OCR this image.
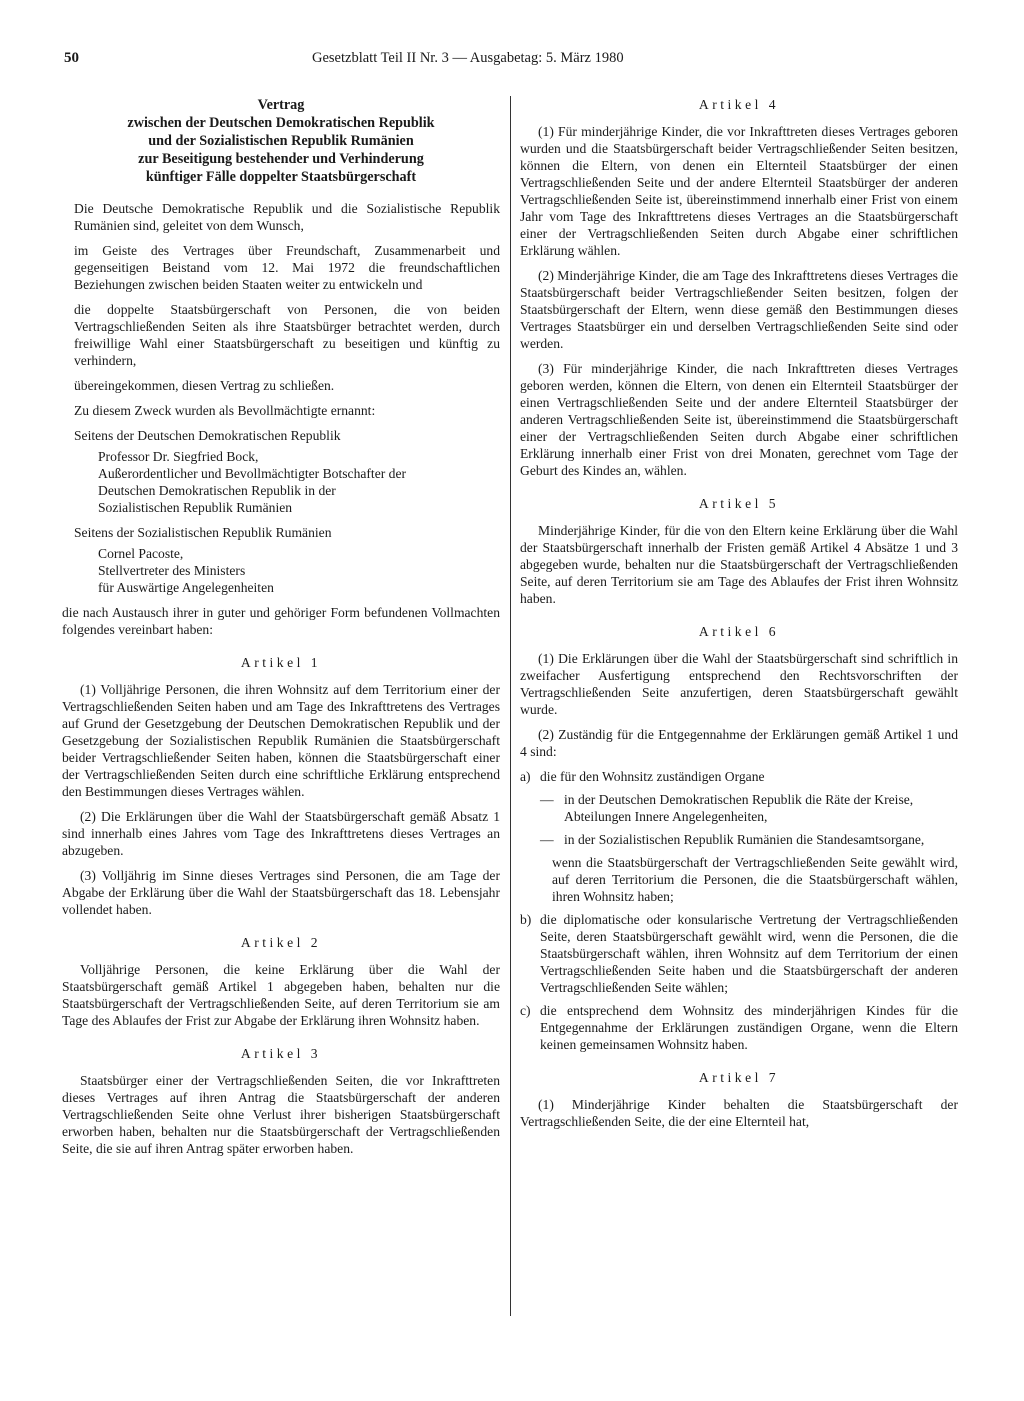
50	Gesetzblatt Teil II Nr. 3 — Ausgabetag: 5. März 1980
Vertrag
zwischen der Deutschen Demokratischen Republik
und der Sozialistischen Republik Rumänien
zur Beseitigung bestehender und Verhinderung
künftiger Fälle doppelter Staatsbürgerschaft

Die Deutsche Demokratische Republik und die Sozialistische Republik Rumänien sind, geleitet von dem Wunsch,

im Geiste des Vertrages über Freundschaft, Zusammenarbeit und gegenseitigen Beistand vom 12. Mai 1972 die freundschaftlichen Beziehungen zwischen beiden Staaten weiter zu entwickeln und

die doppelte Staatsbürgerschaft von Personen, die von beiden Vertragschließenden Seiten als ihre Staatsbürger betrachtet werden, durch freiwillige Wahl einer Staatsbürgerschaft zu beseitigen und künftig zu verhindern,

übereingekommen, diesen Vertrag zu schließen.

Zu diesem Zweck wurden als Bevollmächtigte ernannt:

Seitens der Deutschen Demokratischen Republik

Professor Dr. Siegfried Bock,
Außerordentlicher und Bevollmächtigter Botschafter der
Deutschen Demokratischen Republik in der
Sozialistischen Republik Rumänien

Seitens der Sozialistischen Republik Rumänien

Cornel Pacoste,
Stellvertreter des Ministers
für Auswärtige Angelegenheiten

die nach Austausch ihrer in guter und gehöriger Form befundenen Vollmachten folgendes vereinbart haben:

Artikel 1

(1) Volljährige Personen, die ihren Wohnsitz auf dem Territorium einer der Vertragschließenden Seiten haben und am Tage des Inkrafttretens des Vertrages auf Grund der Gesetzgebung der Deutschen Demokratischen Republik und der Gesetzgebung der Sozialistischen Republik Rumänien die Staatsbürgerschaft beider Vertragschließender Seiten haben, können die Staatsbürgerschaft einer der Vertragschließenden Seiten durch eine schriftliche Erklärung entsprechend den Bestimmungen dieses Vertrages wählen.

(2) Die Erklärungen über die Wahl der Staatsbürgerschaft gemäß Absatz 1 sind innerhalb eines Jahres vom Tage des Inkrafttretens dieses Vertrages an abzugeben.

(3) Volljährig im Sinne dieses Vertrages sind Personen, die am Tage der Abgabe der Erklärung über die Wahl der Staatsbürgerschaft das 18. Lebensjahr vollendet haben.

Artikel 2

Volljährige Personen, die keine Erklärung über die Wahl der Staatsbürgerschaft gemäß Artikel 1 abgegeben haben, behalten nur die Staatsbürgerschaft der Vertragschließenden Seite, auf deren Territorium sie am Tage des Ablaufes der Frist zur Abgabe der Erklärung ihren Wohnsitz haben.

Artikel 3

Staatsbürger einer der Vertragschließenden Seiten, die vor Inkrafttreten dieses Vertrages auf ihren Antrag die Staatsbürgerschaft der anderen Vertragschließenden Seite ohne Verlust ihrer bisherigen Staatsbürgerschaft erworben haben, behalten nur die Staatsbürgerschaft der Vertragschließenden Seite, die sie auf ihren Antrag später erworben haben.

Artikel 4

(1) Für minderjährige Kinder, die vor Inkrafttreten dieses Vertrages geboren wurden und die Staatsbürgerschaft beider Vertragschließender Seiten besitzen, können die Eltern, von denen ein Elternteil Staatsbürger der einen Vertragschließenden Seite und der andere Elternteil Staatsbürger der anderen Vertragschließenden Seite ist, übereinstimmend innerhalb einer Frist von einem Jahr vom Tage des Inkrafttretens dieses Vertrages an die Staatsbürgerschaft einer der Vertragschließenden Seiten durch Abgabe einer schriftlichen Erklärung wählen.

(2) Minderjährige Kinder, die am Tage des Inkrafttretens dieses Vertrages die Staatsbürgerschaft beider Vertragschließender Seiten besitzen, folgen der Staatsbürgerschaft der Eltern, wenn diese gemäß den Bestimmungen dieses Vertrages Staatsbürger ein und derselben Vertragschließenden Seite sind oder werden.

(3) Für minderjährige Kinder, die nach Inkrafttreten dieses Vertrages geboren werden, können die Eltern, von denen ein Elternteil Staatsbürger der einen Vertragschließenden Seite und der andere Elternteil Staatsbürger der anderen Vertragschließenden Seite ist, übereinstimmend die Staatsbürgerschaft einer der Vertragschließenden Seiten durch Abgabe einer schriftlichen Erklärung innerhalb einer Frist von drei Monaten, gerechnet vom Tage der Geburt des Kindes an, wählen.

Artikel 5

Minderjährige Kinder, für die von den Eltern keine Erklärung über die Wahl der Staatsbürgerschaft innerhalb der Fristen gemäß Artikel 4 Absätze 1 und 3 abgegeben wurde, behalten nur die Staatsbürgerschaft der Vertragschließenden Seite, auf deren Territorium sie am Tage des Ablaufes der Frist ihren Wohnsitz haben.

Artikel 6

(1) Die Erklärungen über die Wahl der Staatsbürgerschaft sind schriftlich in zweifacher Ausfertigung entsprechend den Rechtsvorschriften der Vertragschließenden Seite anzufertigen, deren Staatsbürgerschaft gewählt wurde.

(2) Zuständig für die Entgegennahme der Erklärungen gemäß Artikel 1 und 4 sind:

a) die für den Wohnsitz zuständigen Organe
— in der Deutschen Demokratischen Republik die Räte der Kreise, Abteilungen Innere Angelegenheiten,
— in der Sozialistischen Republik Rumänien die Standesamtsorgane,
wenn die Staatsbürgerschaft der Vertragschließenden Seite gewählt wird, auf deren Territorium die Personen, die die Staatsbürgerschaft wählen, ihren Wohnsitz haben;
b) die diplomatische oder konsularische Vertretung der Vertragschließenden Seite, deren Staatsbürgerschaft gewählt wird, wenn die Personen, die die Staatsbürgerschaft wählen, ihren Wohnsitz auf dem Territorium der einen Vertragschließenden Seite haben und die Staatsbürgerschaft der anderen Vertragschließenden Seite wählen;
c) die entsprechend dem Wohnsitz des minderjährigen Kindes für die Entgegennahme der Erklärungen zuständigen Organe, wenn die Eltern keinen gemeinsamen Wohnsitz haben.
Artikel 7

(1) Minderjährige Kinder behalten die Staatsbürgerschaft der Vertragschließenden Seite, die der eine Elternteil hat,
